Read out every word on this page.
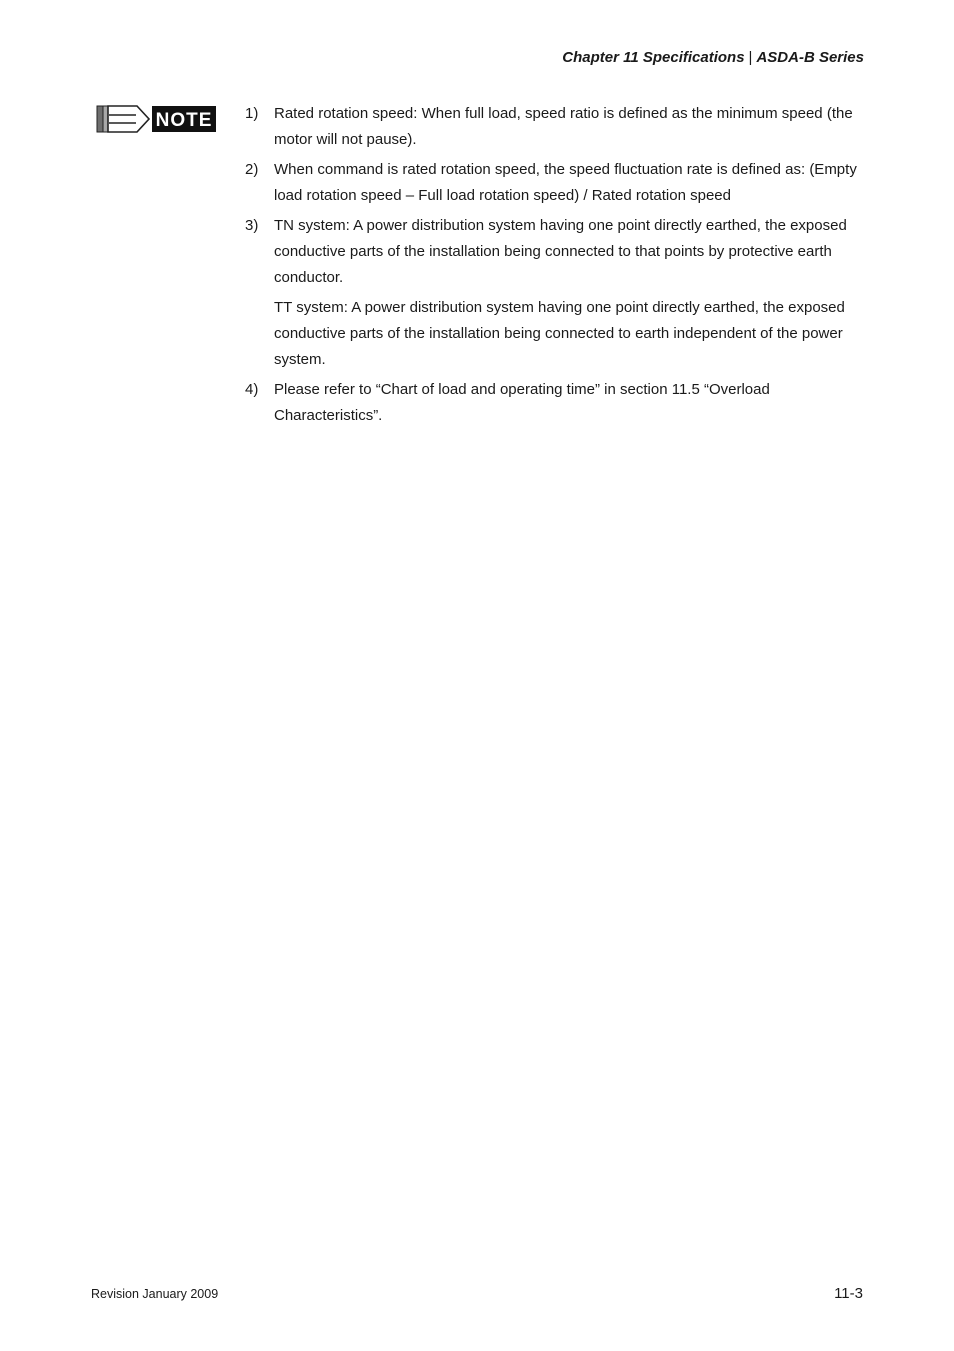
Chapter 11 Specifications | ASDA-B Series
NOTE 1) Rated rotation speed: When full load, speed ratio is defined as the minimum speed (the motor will not pause).

2) When command is rated rotation speed, the speed fluctuation rate is defined as: (Empty load rotation speed – Full load rotation speed) / Rated rotation speed

3) TN system: A power distribution system having one point directly earthed, the exposed conductive parts of the installation being connected to that points by protective earth conductor.

TT system: A power distribution system having one point directly earthed, the exposed conductive parts of the installation being connected to earth independent of the power system.

4) Please refer to “Chart of load and operating time” in section 11.5 “Overload Characteristics”.

Revision January 2009	11-3
